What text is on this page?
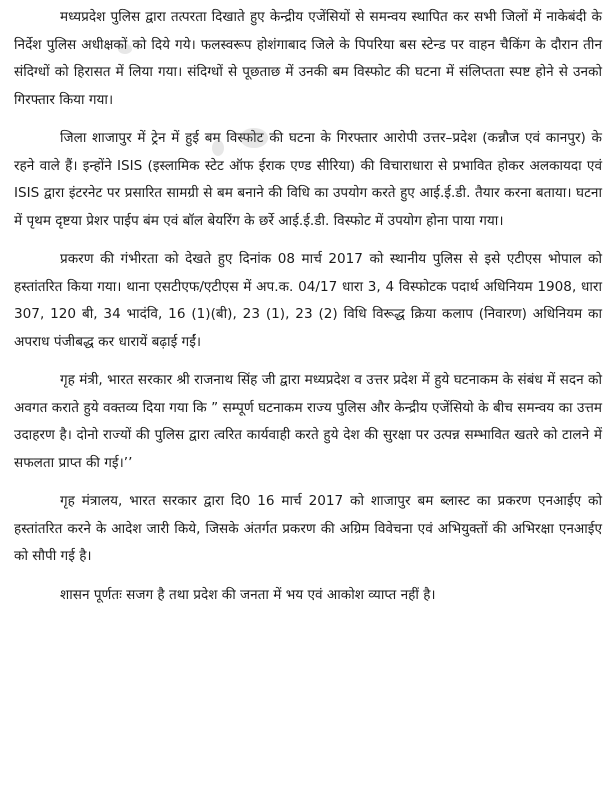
मध्यप्रदेश पुलिस द्वारा तत्परता दिखाते हुए केन्द्रीय एजेंसियों से समन्वय स्थापित कर सभी जिलों में नाकेबंदी के निर्देश पुलिस अधीक्षकों को दिये गये। फलस्वरूप होशंगाबाद जिले के पिपरिया बस स्टेन्ड पर वाहन चैकिंग के दौरान तीन संदिग्धों को हिरासत में लिया गया। संदिग्धों से पूछताछ में उनकी बम विस्फोट की घटना में संलिप्तता स्पष्ट होने से उनको गिरफ्तार किया गया।

जिला शाजापुर में ट्रेन में हुई बम विस्फोट की घटना के गिरफ्तार आरोपी उत्तर–प्रदेश (कन्नौज एवं कानपुर) के रहने वाले हैं। इन्होंने ISIS (इस्लामिक स्टेट ऑफ ईराक एण्ड सीरिया) की विचाराधारा से प्रभावित होकर अलकायदा एवं ISIS द्वारा इंटरनेट पर प्रसारित सामग्री से बम बनाने की विधि का उपयोग करते हुए आई.ई.डी. तैयार करना बताया। घटना में पृथम दृष्टया प्रेशर पाईप बंम एवं बॉल बेयरिंग के छर्रे आई.ई.डी. विस्फोट में उपयोग होना पाया गया।

प्रकरण की गंभीरता को देखते हुए दिनांक 08 मार्च 2017 को स्थानीय पुलिस से इसे एटीएस भोपाल को हस्तांतरित किया गया। थाना एसटीएफ/एटीएस में अप.क. 04/17 धारा 3, 4 विस्फोटक पदार्थ अधिनियम 1908, धारा 307, 120 बी, 34 भादंवि, 16 (1)(बी), 23 (1), 23 (2) विधि विरूद्ध क्रिया कलाप (निवारण) अधिनियम का अपराध पंजीबद्ध कर धारायें बढ़ाई गईं।

गृह मंत्री, भारत सरकार श्री राजनाथ सिंह जी द्वारा मध्यप्रदेश व उत्तर प्रदेश में हुये घटनाकम के संबंध में सदन को अवगत कराते हुये वक्तव्य दिया गया कि ” सम्पूर्ण घटनाकम राज्य पुलिस और केन्द्रीय एजेंसियो के बीच समन्वय का उत्तम उदाहरण है। दोनो राज्यों की पुलिस द्वारा त्वरित कार्यवाही करते हुये देश की सुरक्षा पर उत्पन्न सम्भावित खतरे को टालने में सफलता प्राप्त की गई।’’

गृह मंत्रालय, भारत सरकार द्वारा दि0 16 मार्च 2017 को शाजापुर बम ब्लास्ट का प्रकरण एनआईए को हस्तांतरित करने के आदेश जारी किये, जिसके अंतर्गत प्रकरण की अग्रिम विवेचना एवं अभियुक्तों की अभिरक्षा एनआईए को सौपी गई है।

शासन पूर्णतः सजग है तथा प्रदेश की जनता में भय एवं आकोश व्याप्त नहीं है।
